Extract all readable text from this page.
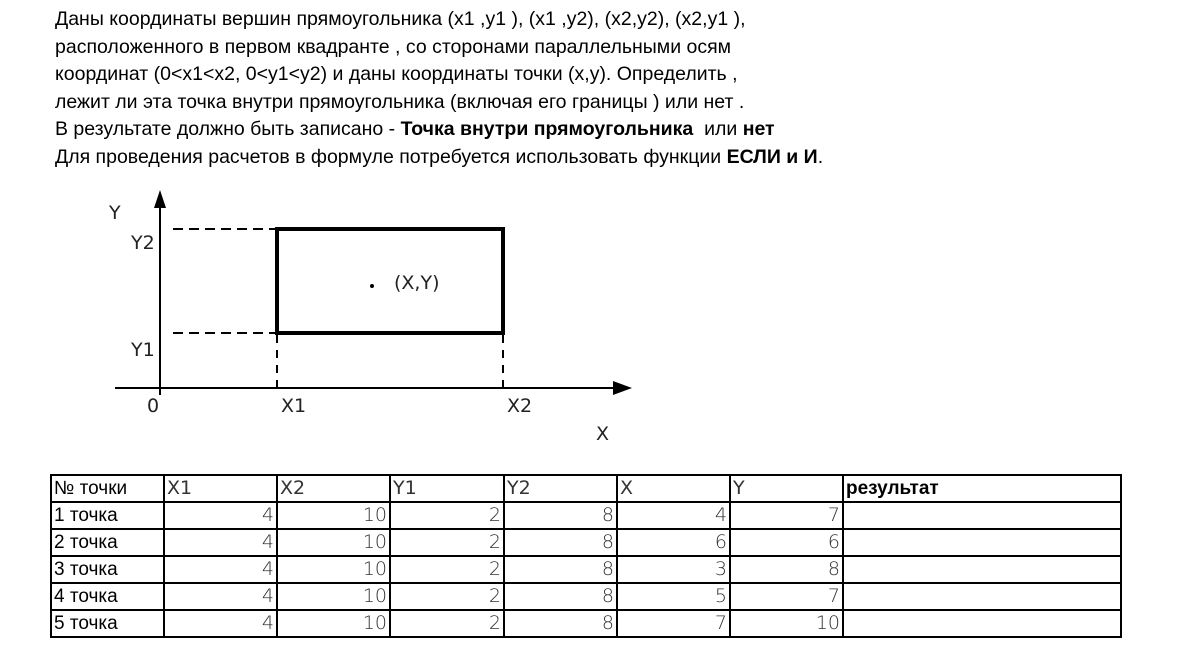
Даны координаты вершин прямоугольника (x1 ,y1 ), (x1 ,y2), (x2,y2), (x2,y1 ),
расположенного в первом квадранте , со сторонами параллельными осям
координат (0<x1<x2, 0<y1<y2) и даны координаты точки (x,y). Определить ,
лежит ли эта точка внутри прямоугольника (включая его границы ) или нет .
В результате должно быть записано - Точка внутри прямоугольника  или нет
Для проведения расчетов в формуле потребуется использовать функции ЕСЛИ и И.
Y
Y2
Y1
0	X1	X2
X
(X,Y)
№ точки	X1	X2	Y1	Y2	X	Y	результат
1 точка	4	10	2	8	4	7	
2 точка	4	10	2	8	6	6	
3 точка	4	10	2	8	3	8	
4 точка	4	10	2	8	5	7	
5 точка	4	10	2	8	7	10	
